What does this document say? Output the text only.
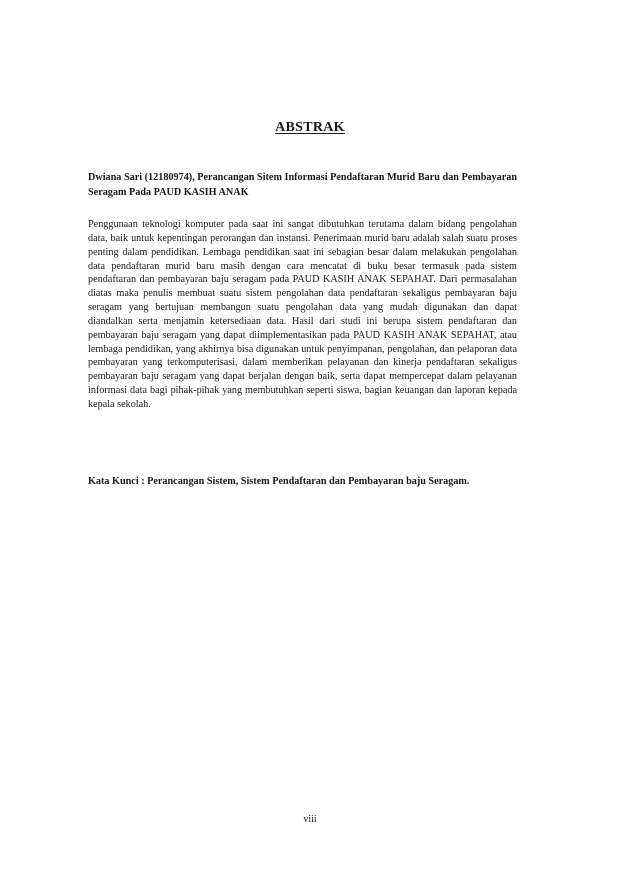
ABSTRAK
Dwiana Sari (12180974), Perancangan Sitem Informasi Pendaftaran Murid Baru dan Pembayaran Seragam Pada PAUD KASIH ANAK
Penggunaan teknologi komputer pada saat ini sangat dibutuhkan terutama dalam bidang pengolahan data, baik untuk kepentingan perorangan dan instansi. Penerimaan murid baru adalah salah suatu proses penting dalam pendidikan. Lembaga pendidikan saat ini sebagian besar dalam melakukan pengolahan data pendaftaran murid baru masih dengan cara mencatat di buku besar termasuk pada sistem pendaftaran dan pembayaran baju seragam pada PAUD KASIH ANAK SEPAHAT. Dari permasalahan diatas maka penulis membuat suatu sistem pengolahan data pendaftaran sekaligus pembayaran baju seragam yang bertujuan membangun suatu pengolahan data yang mudah digunakan dan dapat diandalkan serta menjamin ketersediaan data. Hasil dari studi ini berupa sistem pendaftaran dan pembayaran baju seragam yang dapat diimplementasikan pada PAUD KASIH ANAK SEPAHAT, atau lembaga pendidikan, yang akhirnya bisa digunakan untuk penyimpanan, pengolahan, dan pelaporan data pembayaran yang terkomputerisasi, dalam memberikan pelayanan dan kinerja pendaftaran sekaligus pembayaran baju seragam yang dapat berjalan dengan baik, serta dapat mempercepat dalam pelayanan informasi data bagi pihak-pihak yang membutuhkan seperti siswa, bagian keuangan dan laporan kepada kepala sekolah.
Kata Kunci : Perancangan Sistem, Sistem Pendaftaran dan Pembayaran baju Seragam.
viii
